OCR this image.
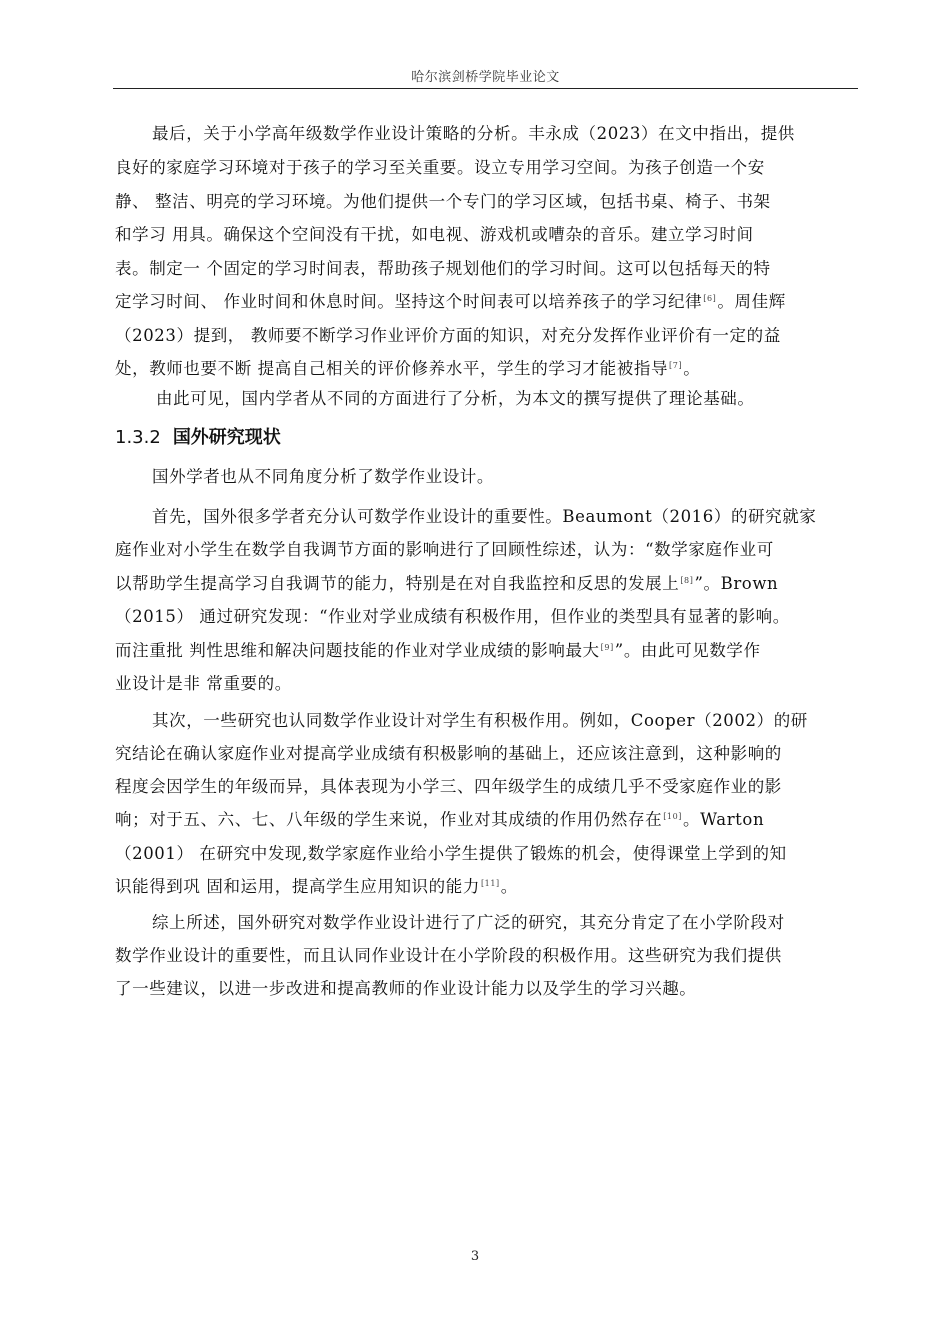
哈尔滨剑桥学院毕业论文
最后，关于小学高年级数学作业设计策略的分析。丰永成（2023）在文中指出，提供
良好的家庭学习环境对于孩子的学习至关重要。设立专用学习空间。为孩子创造一个安
静、 整洁、明亮的学习环境。为他们提供一个专门的学习区域，包括书桌、椅子、书架
和学习 用具。确保这个空间没有干扰，如电视、游戏机或嘈杂的音乐。建立学习时间
表。制定一 个固定的学习时间表，帮助孩子规划他们的学习时间。这可以包括每天的特
定学习时间、 作业时间和休息时间。坚持这个时间表可以培养孩子的学习纪律[6]。周佳辉
（2023）提到， 教师要不断学习作业评价方面的知识，对充分发挥作业评价有一定的益
处，教师也要不断 提高自己相关的评价修养水平，学生的学习才能被指导[7]。
由此可见，国内学者从不同的方面进行了分析，为本文的撰写提供了理论基础。
1.3.2 国外研究现状
国外学者也从不同角度分析了数学作业设计。
首先，国外很多学者充分认可数学作业设计的重要性。Beaumont（2016）的研究就家
庭作业对小学生在数学自我调节方面的影响进行了回顾性综述，认为：“数学家庭作业可
以帮助学生提高学习自我调节的能力，特别是在对自我监控和反思的发展上[8]”。Brown
（2015） 通过研究发现：“作业对学业成绩有积极作用，但作业的类型具有显著的影响。
而注重批 判性思维和解决问题技能的作业对学业成绩的影响最大[9]”。由此可见数学作
业设计是非 常重要的。
其次，一些研究也认同数学作业设计对学生有积极作用。例如，Cooper（2002）的研
究结论在确认家庭作业对提高学业成绩有积极影响的基础上，还应该注意到，这种影响的
程度会因学生的年级而异，具体表现为小学三、四年级学生的成绩几乎不受家庭作业的影
响；对于五、六、七、八年级的学生来说，作业对其成绩的作用仍然存在[10]。Warton
（2001） 在研究中发现,数学家庭作业给小学生提供了锻炼的机会，使得课堂上学到的知
识能得到巩 固和运用，提高学生应用知识的能力[11]。
综上所述，国外研究对数学作业设计进行了广泛的研究，其充分肯定了在小学阶段对
数学作业设计的重要性，而且认同作业设计在小学阶段的积极作用。这些研究为我们提供
了一些建议，以进一步改进和提高教师的作业设计能力以及学生的学习兴趣。
3
